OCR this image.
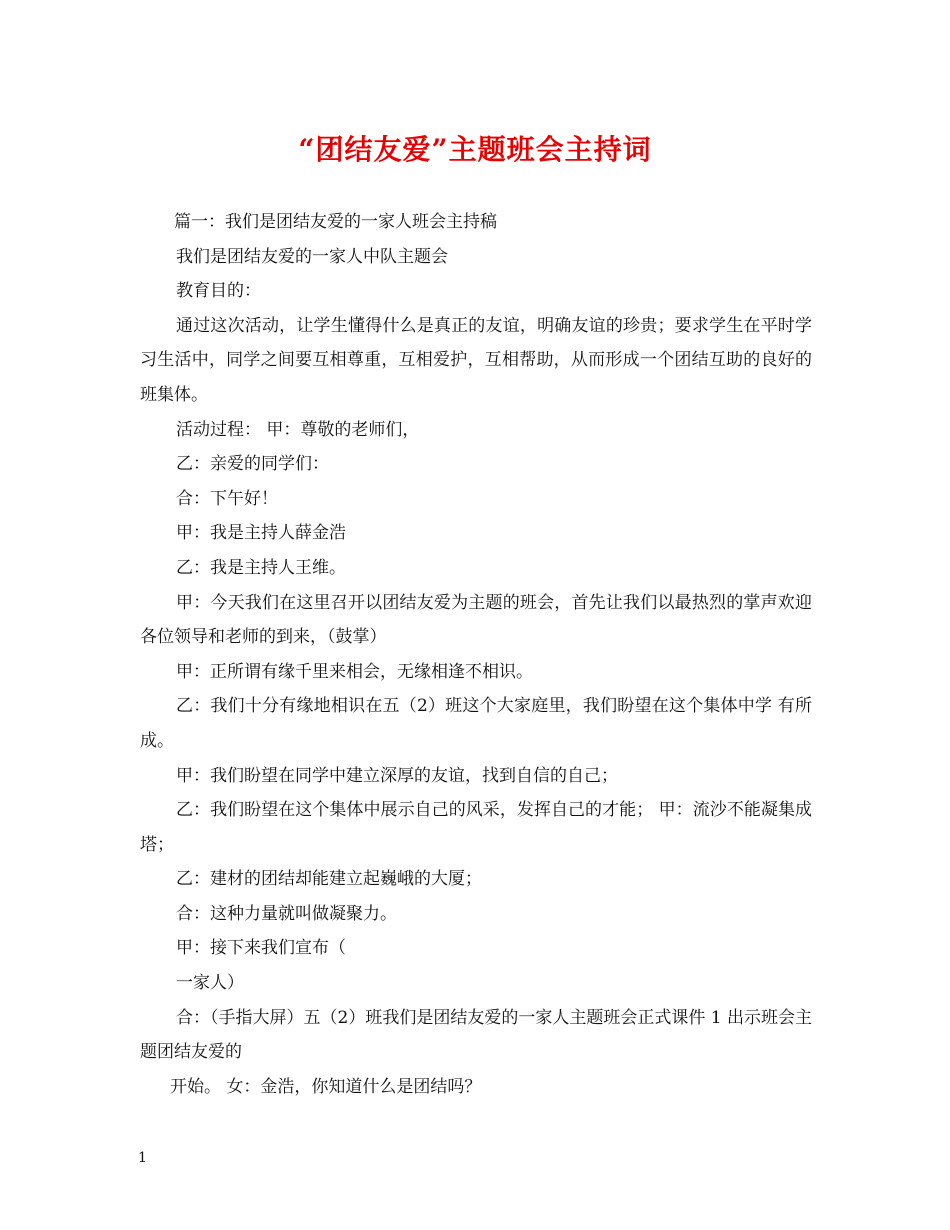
“团结友爱”主题班会主持词

篇一：我们是团结友爱的一家人班会主持稿

我们是团结友爱的一家人中队主题会

教育目的：

通过这次活动，让学生懂得什么是真正的友谊，明确友谊的珍贵；要求学生在平时学习生活中，同学之间要互相尊重，互相爱护，互相帮助，从而形成一个团结互助的良好的班集体。

活动过程： 甲：尊敬的老师们，

乙：亲爱的同学们：

合：下午好！

甲：我是主持人薛金浩

乙：我是主持人王维。

甲：今天我们在这里召开以团结友爱为主题的班会，首先让我们以最热烈的掌声欢迎各位领导和老师的到来，（鼓掌）

甲：正所谓有缘千里来相会，无缘相逢不相识。

乙：我们十分有缘地相识在五（2）班这个大家庭里，我们盼望在这个集体中学 有所成。

甲：我们盼望在同学中建立深厚的友谊，找到自信的自己；

乙：我们盼望在这个集体中展示自己的风采，发挥自己的才能； 甲：流沙不能凝集成塔；

乙：建材的团结却能建立起巍峨的大厦；

合：这种力量就叫做凝聚力。

甲：接下来我们宣布（

一家人）

合：（手指大屏）五（2）班我们是团结友爱的一家人主题班会正式课件 1 出示班会主题团结友爱的

开始。 女：金浩，你知道什么是团结吗？

1
